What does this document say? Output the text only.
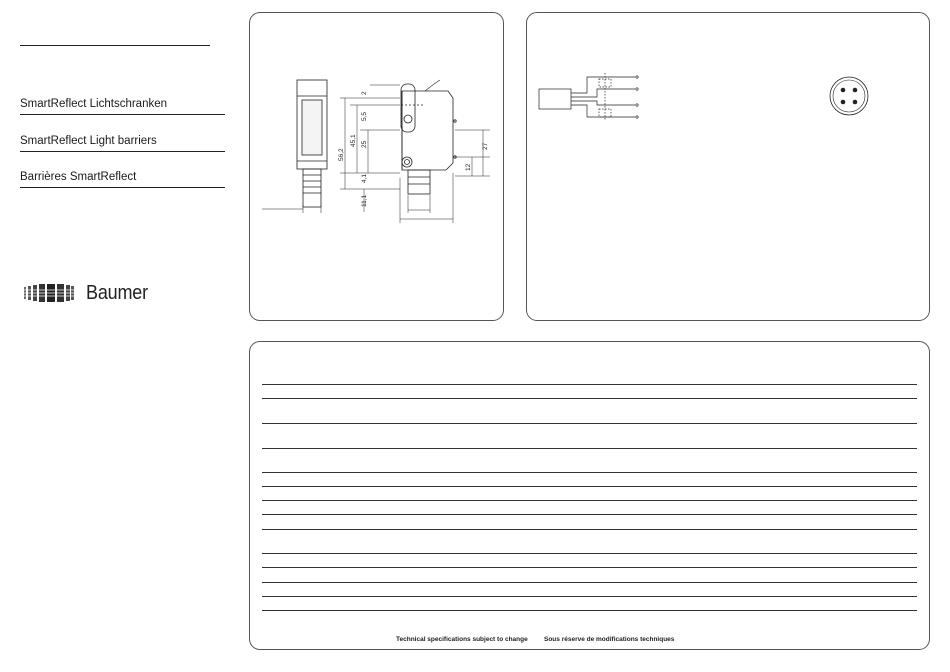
SmartReflect Lichtschranken
SmartReflect Light barriers
Barrières SmartReflect
Baumer
56,2
45,1
2
5,5
25
4,1
11,1
12
27
Technical specifications subject to change	Sous réserve de modifications techniques
